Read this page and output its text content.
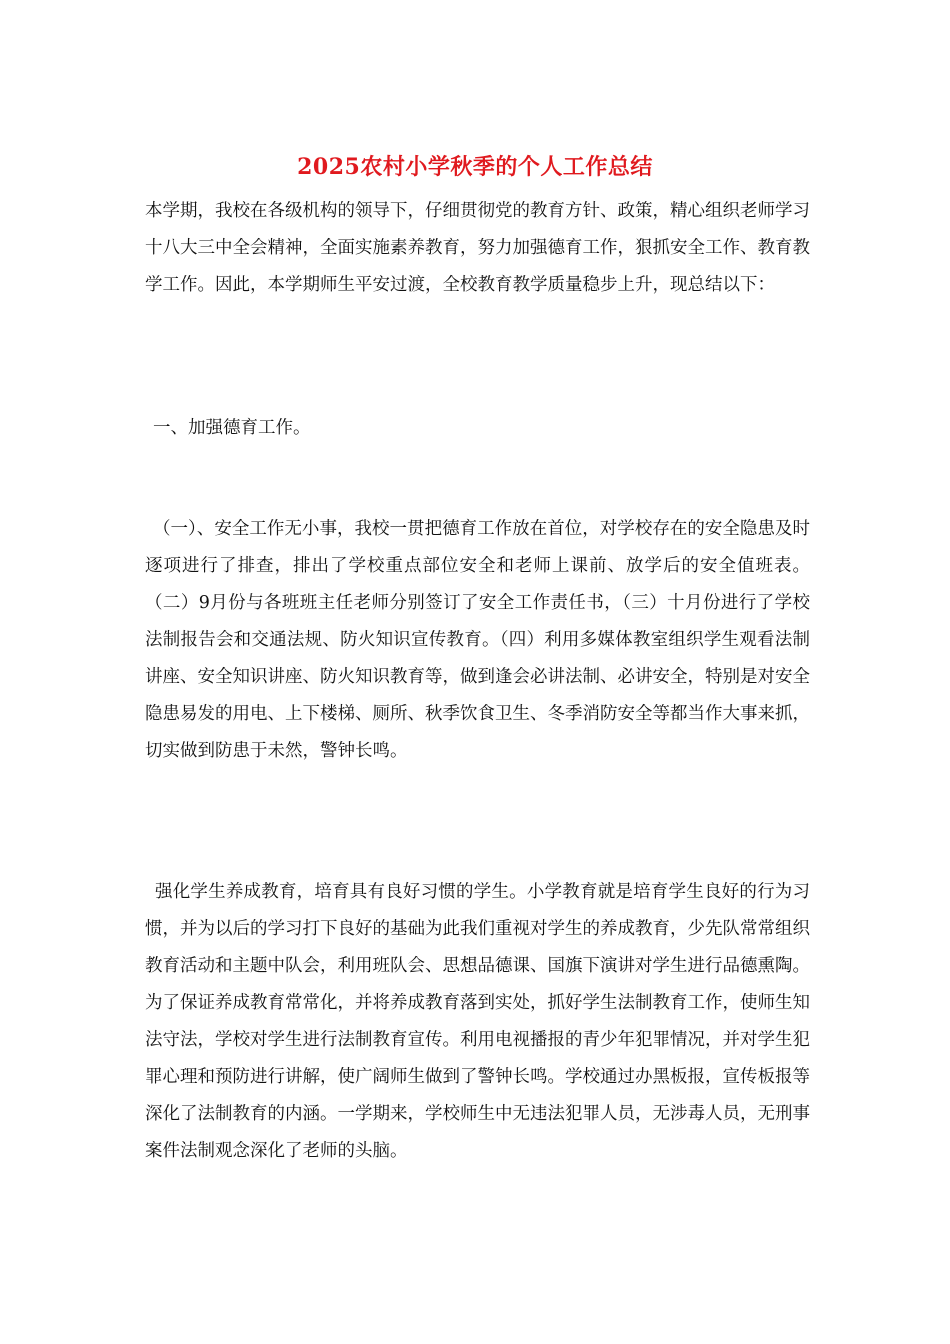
2025农村小学秋季的个人工作总结

本学期，我校在各级机构的领导下，仔细贯彻党的教育方针、政策，精心组织老师学习十八大三中全会精神，全面实施素养教育，努力加强德育工作，狠抓安全工作、教育教学工作。因此，本学期师生平安过渡，全校教育教学质量稳步上升，现总结以下：

一、加强德育工作。

（一）、安全工作无小事，我校一贯把德育工作放在首位，对学校存在的安全隐患及时逐项进行了排查，排出了学校重点部位安全和老师上课前、放学后的安全值班表。 （二）9月份与各班班主任老师分别签订了安全工作责任书，（三）十月份进行了学校法制报告会和交通法规、防火知识宣传教育。（四）利用多媒体教室组织学生观看法制讲座、安全知识讲座、防火知识教育等，做到逢会必讲法制、必讲安全，特别是对安全隐患易发的用电、上下楼梯、厕所、秋季饮食卫生、冬季消防安全等都当作大事来抓，切实做到防患于未然，警钟长鸣。

强化学生养成教育，培育具有良好习惯的学生。小学教育就是培育学生良好的行为习惯，并为以后的学习打下良好的基础为此我们重视对学生的养成教育，少先队常常组织教育活动和主题中队会，利用班队会、思想品德课、国旗下演讲对学生进行品德熏陶。为了保证养成教育常常化，并将养成教育落到实处，抓好学生法制教育工作，使师生知法守法，学校对学生进行法制教育宣传。利用电视播报的青少年犯罪情况，并对学生犯罪心理和预防进行讲解，使广阔师生做到了警钟长鸣。学校通过办黑板报，宣传板报等深化了法制教育的内涵。一学期来，学校师生中无违法犯罪人员，无涉毒人员，无刑事案件法制观念深化了老师的头脑。
